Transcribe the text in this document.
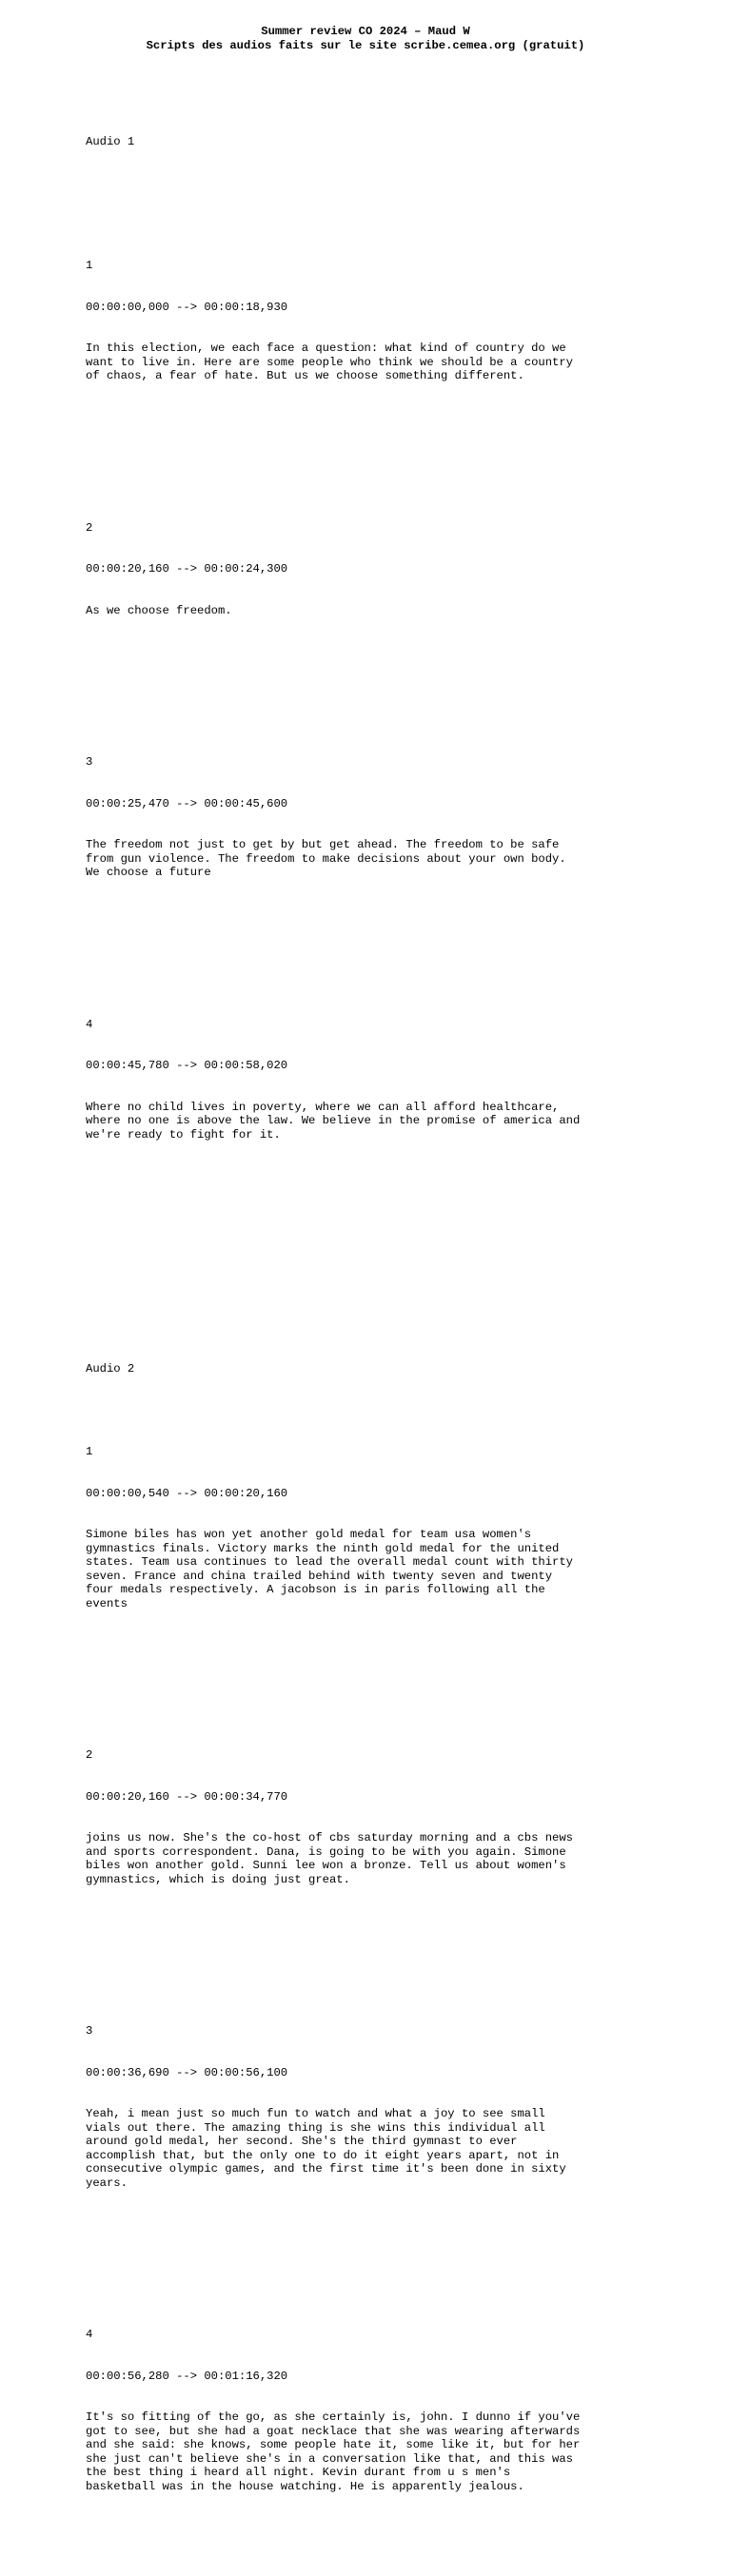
Summer review CO 2024 – Maud W

Scripts des audios faits sur le site scribe.cemea.org (gratuit)

Audio 1

1

00:00:00,000 --> 00:00:18,930

In this election, we each face a question: what kind of country do we
want to live in. Here are some people who think we should be a country
of chaos, a fear of hate. But us we choose something different.

2

00:00:20,160 --> 00:00:24,300

As we choose freedom.

3

00:00:25,470 --> 00:00:45,600

The freedom not just to get by but get ahead. The freedom to be safe
from gun violence. The freedom to make decisions about your own body.
We choose a future

4

00:00:45,780 --> 00:00:58,020

Where no child lives in poverty, where we can all afford healthcare,
where no one is above the law. We believe in the promise of america and
we're ready to fight for it.

Audio 2

1

00:00:00,540 --> 00:00:20,160

Simone biles has won yet another gold medal for team usa women's
gymnastics finals. Victory marks the ninth gold medal for the united
states. Team usa continues to lead the overall medal count with thirty
seven. France and china trailed behind with twenty seven and twenty
four medals respectively. A jacobson is in paris following all the
events

2

00:00:20,160 --> 00:00:34,770

joins us now. She's the co-host of cbs saturday morning and a cbs news
and sports correspondent. Dana, is going to be with you again. Simone
biles won another gold. Sunni lee won a bronze. Tell us about women's
gymnastics, which is doing just great.

3

00:00:36,690 --> 00:00:56,100

Yeah, i mean just so much fun to watch and what a joy to see small
vials out there. The amazing thing is she wins this individual all
around gold medal, her second. She's the third gymnast to ever
accomplish that, but the only one to do it eight years apart, not in
consecutive olympic games, and the first time it's been done in sixty
years.

4

00:00:56,280 --> 00:01:16,320

It's so fitting of the go, as she certainly is, john. I dunno if you've
got to see, but she had a goat necklace that she was wearing afterwards
and she said: she knows, some people hate it, some like it, but for her
she just can't believe she's in a conversation like that, and this was
the best thing i heard all night. Kevin durant from u s men's
basketball was in the house watching. He is apparently jealous.
